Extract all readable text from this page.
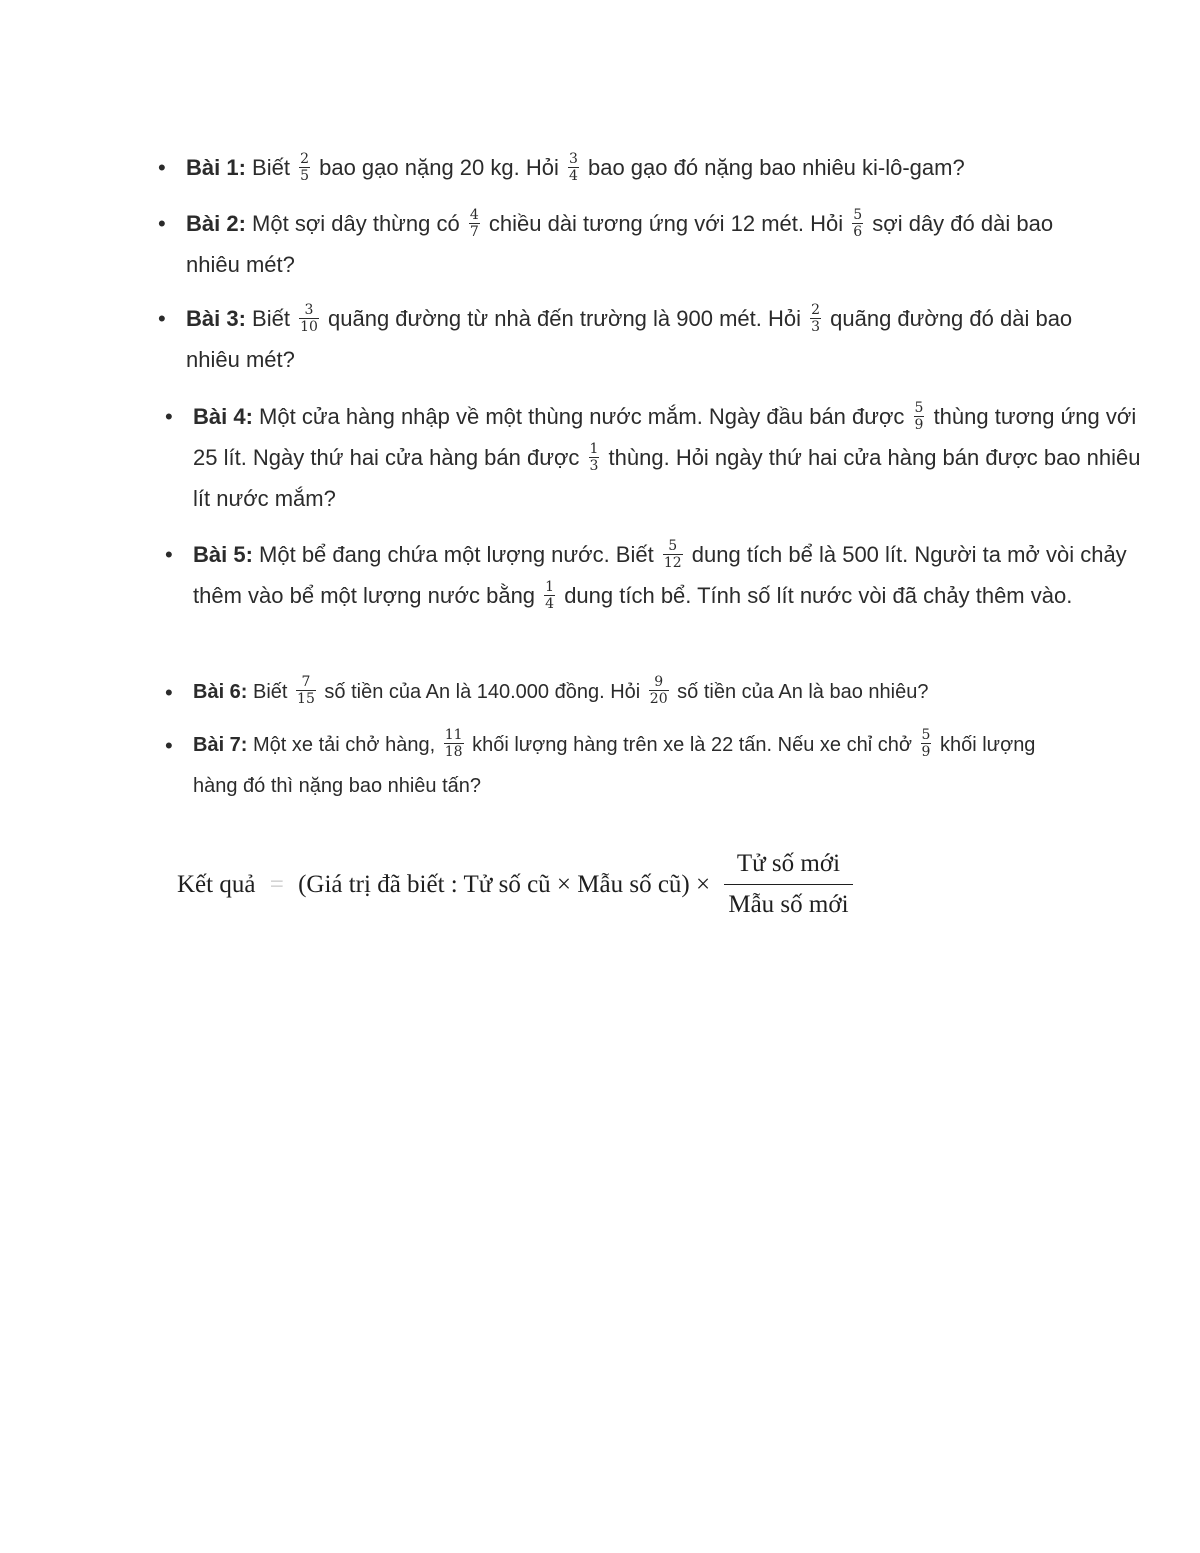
• Bài 1: Biết $\frac{2}{5}$ bao gạo nặng 20 kg. Hỏi $\frac{3}{4}$ bao gạo đó nặng bao nhiêu ki-lô-gam?
• Bài 2: Một sợi dây thừng có $\frac{4}{7}$ chiều dài tương ứng với 12 mét. Hỏi $\frac{5}{6}$ sợi dây đó dài bao nhiêu mét?
• Bài 3: Biết $\frac{3}{10}$ quãng đường từ nhà đến trường là 900 mét. Hỏi $\frac{2}{3}$ quãng đường đó dài bao nhiêu mét?
• Bài 4: Một cửa hàng nhập về một thùng nước mắm. Ngày đầu bán được $\frac{5}{9}$ thùng tương ứng với 25 lít. Ngày thứ hai cửa hàng bán được $\frac{1}{3}$ thùng. Hỏi ngày thứ hai cửa hàng bán được bao nhiêu lít nước mắm?
• Bài 5: Một bể đang chứa một lượng nước. Biết $\frac{5}{12}$ dung tích bể là 500 lít. Người ta mở vòi chảy thêm vào bể một lượng nước bằng $\frac{1}{4}$ dung tích bể. Tính số lít nước vòi đã chảy thêm vào.
• Bài 6: Biết $\frac{7}{15}$ số tiền của An là 140.000 đồng. Hỏi $\frac{9}{20}$ số tiền của An là bao nhiêu?
• Bài 7: Một xe tải chở hàng, $\frac{11}{18}$ khối lượng hàng trên xe là 22 tấn. Nếu xe chỉ chở $\frac{5}{9}$ khối lượng hàng đó thì nặng bao nhiêu tấn?
Kết quả = (Giá trị đã biết : Tử số cũ × Mẫu số cũ) × $\frac{\text{Tử số mới}}{\text{Mẫu số mới}}$
